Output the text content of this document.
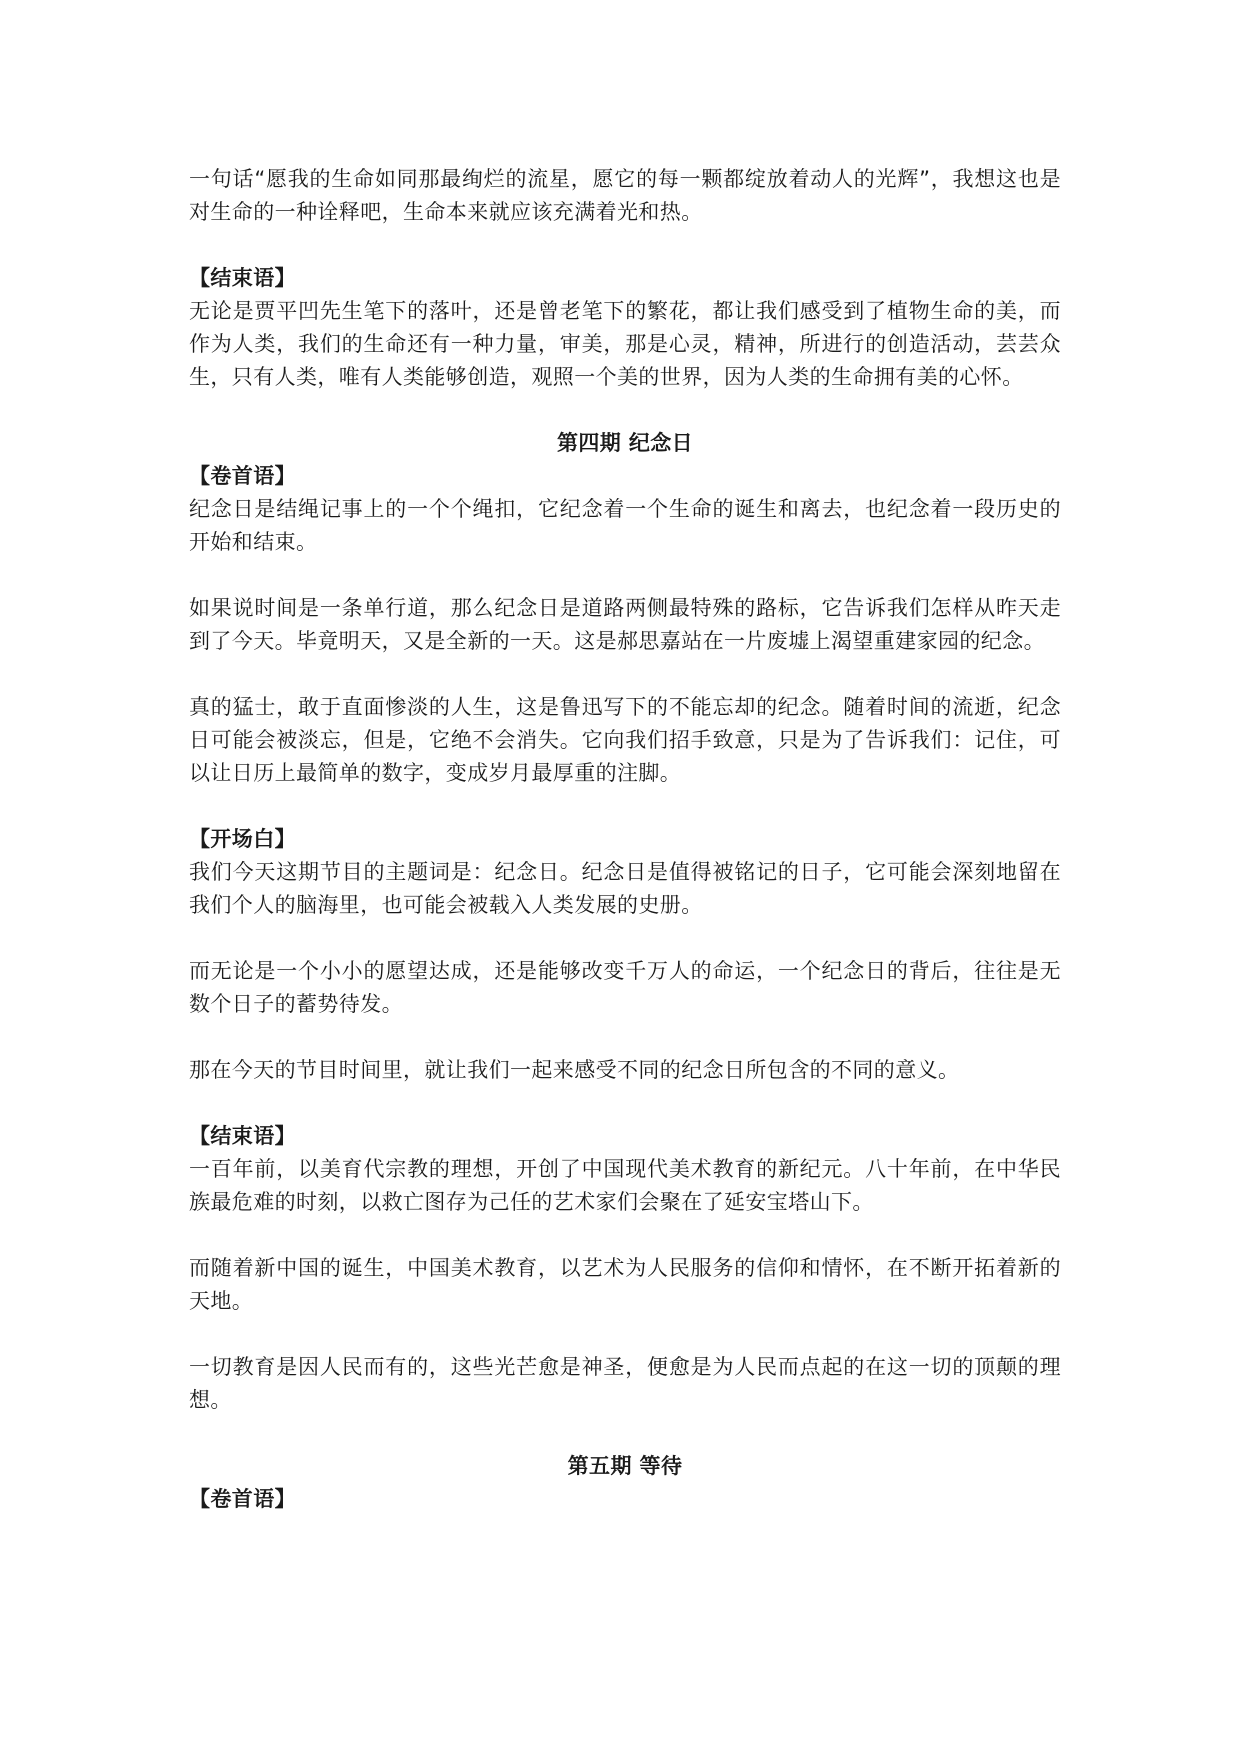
一句话“愿我的生命如同那最绚烂的流星，愿它的每一颗都绽放着动人的光辉”，我想这也是对生命的一种诠释吧，生命本来就应该充满着光和热。

【结束语】

无论是贾平凹先生笔下的落叶，还是曾老笔下的繁花，都让我们感受到了植物生命的美，而作为人类，我们的生命还有一种力量，审美，那是心灵，精神，所进行的创造活动，芸芸众生，只有人类，唯有人类能够创造，观照一个美的世界，因为人类的生命拥有美的心怀。

第四期 纪念日

【卷首语】

纪念日是结绳记事上的一个个绳扣，它纪念着一个生命的诞生和离去，也纪念着一段历史的开始和结束。

如果说时间是一条单行道，那么纪念日是道路两侧最特殊的路标，它告诉我们怎样从昨天走到了今天。毕竟明天，又是全新的一天。这是郝思嘉站在一片废墟上渴望重建家园的纪念。

真的猛士，敢于直面惨淡的人生，这是鲁迅写下的不能忘却的纪念。随着时间的流逝，纪念日可能会被淡忘，但是，它绝不会消失。它向我们招手致意，只是为了告诉我们：记住，可以让日历上最简单的数字，变成岁月最厚重的注脚。

【开场白】

我们今天这期节目的主题词是：纪念日。纪念日是值得被铭记的日子，它可能会深刻地留在我们个人的脑海里，也可能会被载入人类发展的史册。

而无论是一个小小的愿望达成，还是能够改变千万人的命运，一个纪念日的背后，往往是无数个日子的蓄势待发。

那在今天的节目时间里，就让我们一起来感受不同的纪念日所包含的不同的意义。

【结束语】

一百年前，以美育代宗教的理想，开创了中国现代美术教育的新纪元。八十年前，在中华民族最危难的时刻，以救亡图存为己任的艺术家们会聚在了延安宝塔山下。

而随着新中国的诞生，中国美术教育，以艺术为人民服务的信仰和情怀，在不断开拓着新的天地。

一切教育是因人民而有的，这些光芒愈是神圣，便愈是为人民而点起的在这一切的顶颠的理想。

第五期 等待

【卷首语】
